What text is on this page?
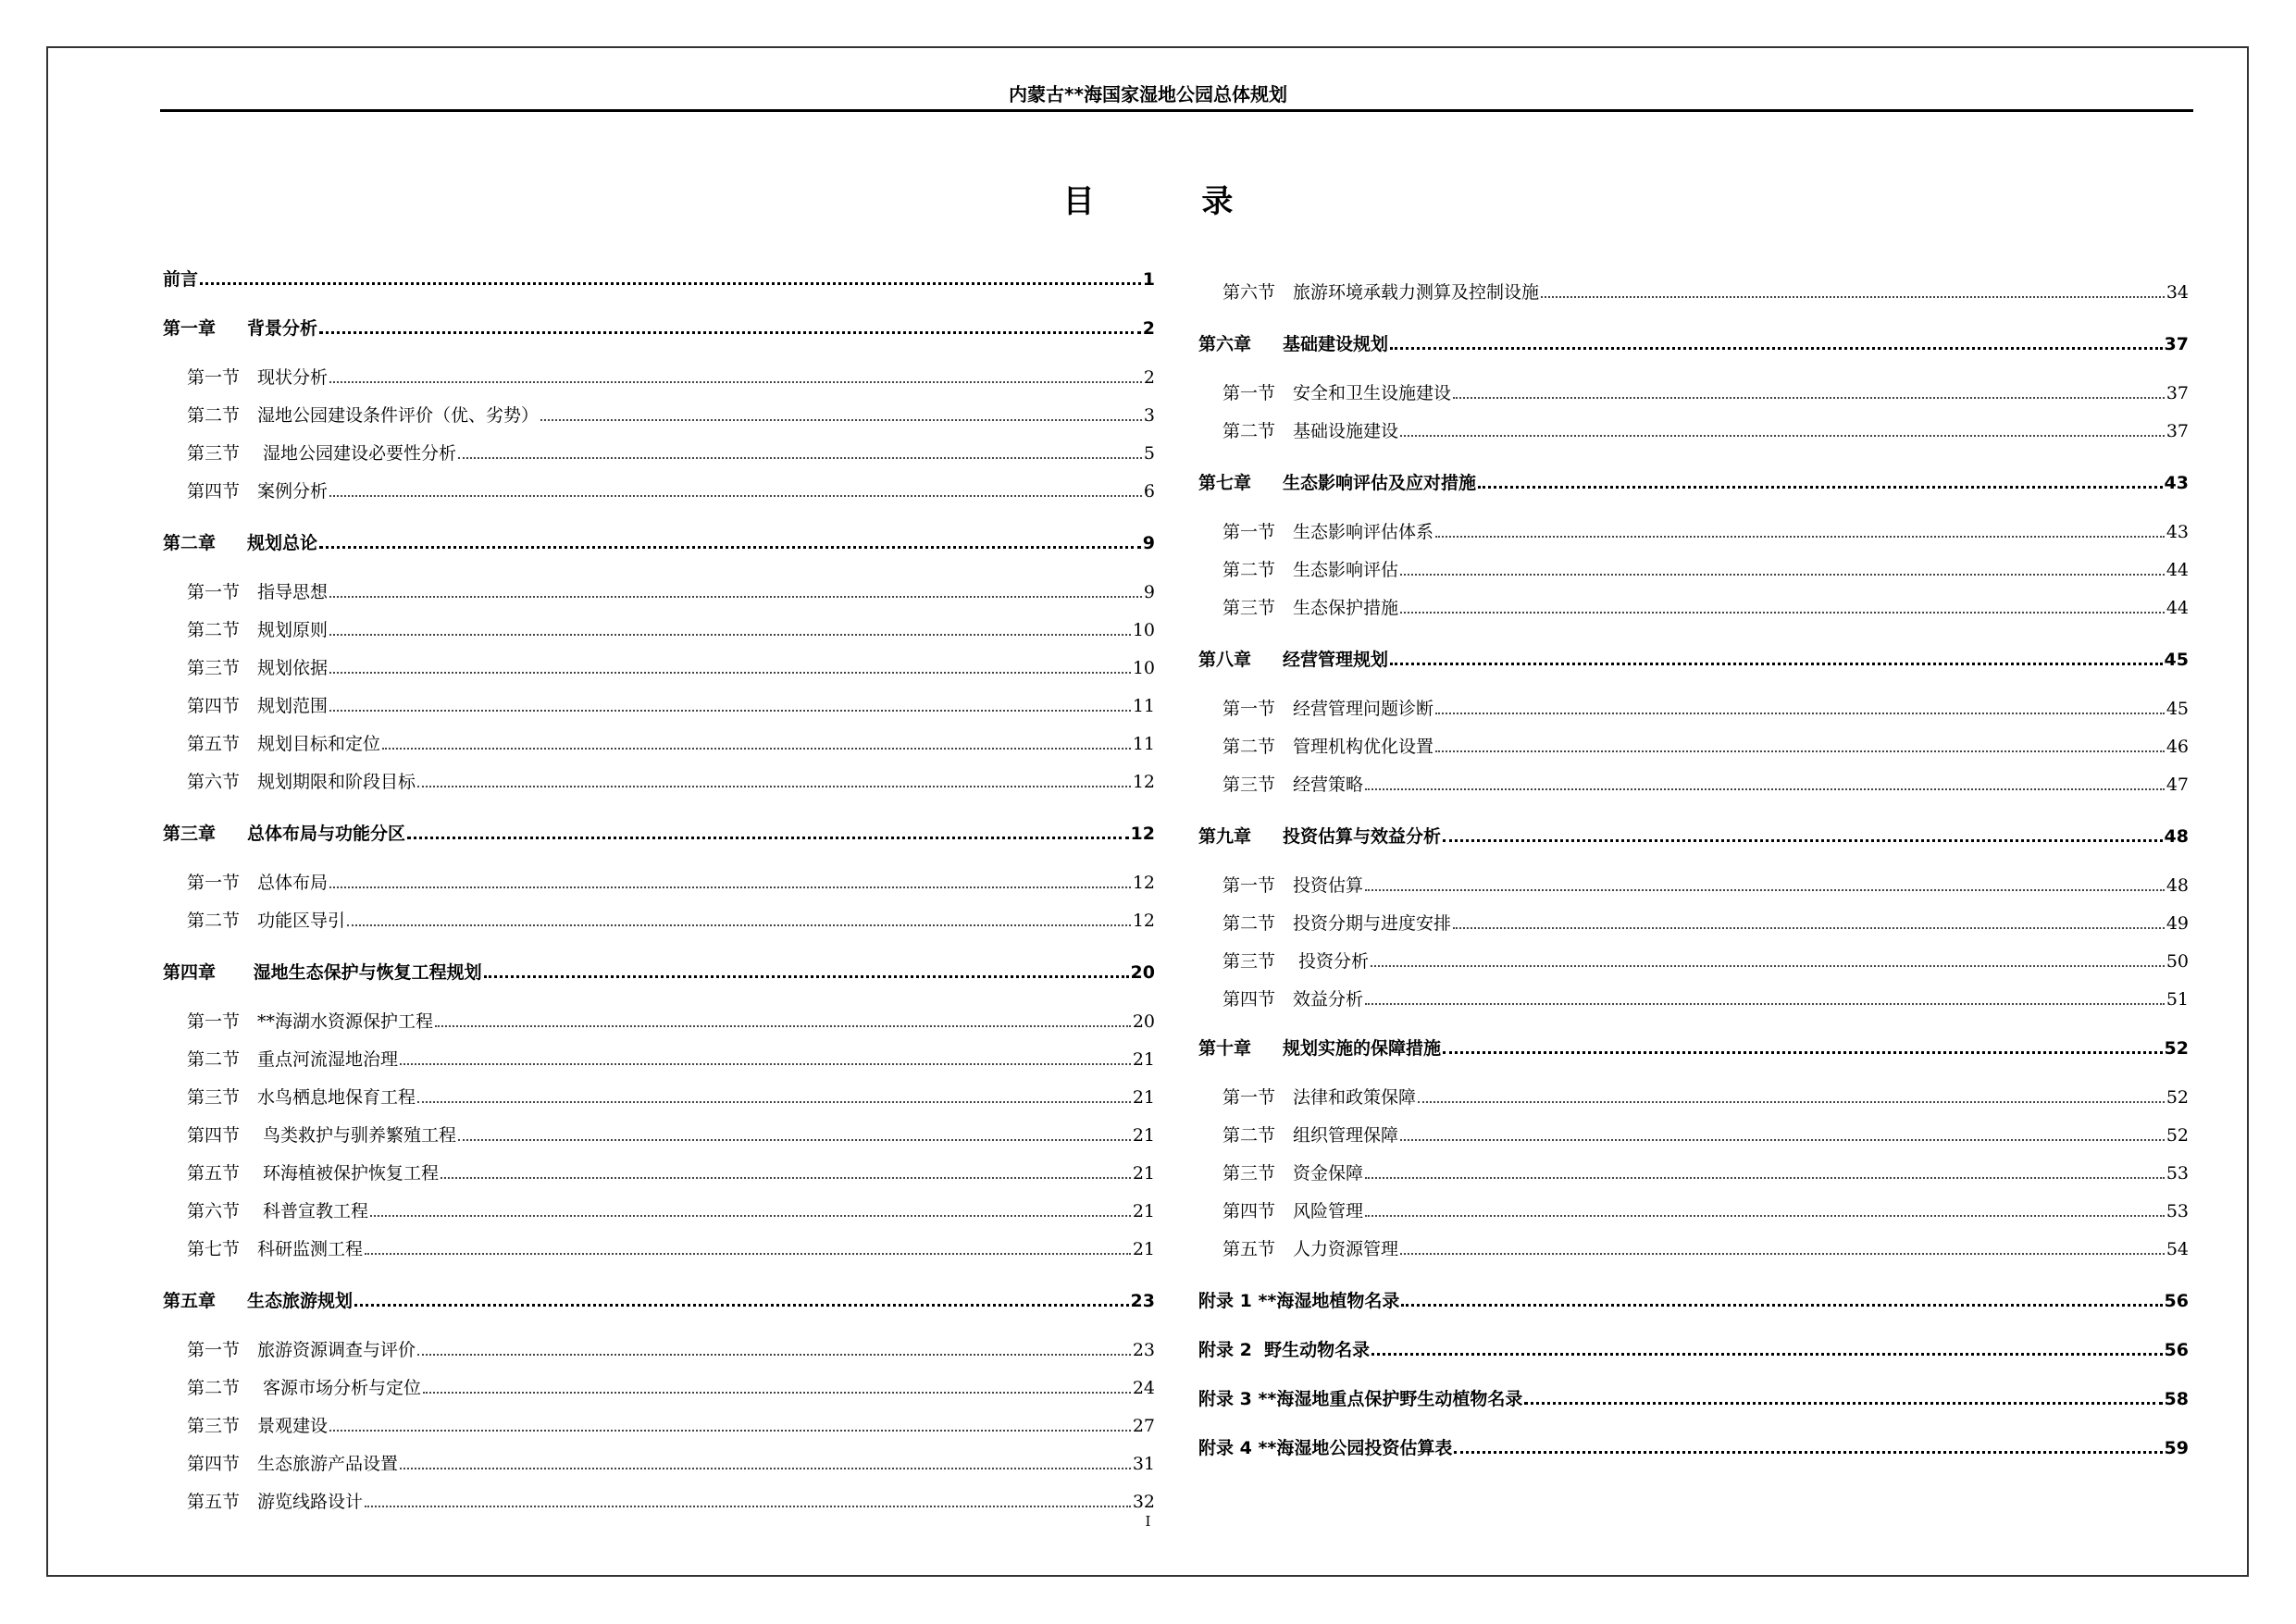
内蒙古**海国家湿地公园总体规划
目 录
前言	1
第一章 背景分析	2
第一节 现状分析	2
第二节 湿地公园建设条件评价（优、劣势）	3
第三节 湿地公园建设必要性分析	5
第四节 案例分析	6
第二章 规划总论	9
第一节 指导思想	9
第二节 规划原则	10
第三节 规划依据	10
第四节 规划范围	11
第五节 规划目标和定位	11
第六节 规划期限和阶段目标	12
第三章 总体布局与功能分区	12
第一节 总体布局	12
第二节 功能区导引	12
第四章 湿地生态保护与恢复工程规划	20
第一节 **海湖水资源保护工程	20
第二节 重点河流湿地治理	21
第三节 水鸟栖息地保育工程	21
第四节 鸟类救护与驯养繁殖工程	21
第五节 环海植被保护恢复工程	21
第六节 科普宣教工程	21
第七节 科研监测工程	21
第五章 生态旅游规划	23
第一节 旅游资源调查与评价	23
第二节 客源市场分析与定位	24
第三节 景观建设	27
第四节 生态旅游产品设置	31
第五节 游览线路设计	32
第六节 旅游环境承载力测算及控制设施	34
第六章 基础建设规划	37
第一节 安全和卫生设施建设	37
第二节 基础设施建设	37
第七章 生态影响评估及应对措施	43
第一节 生态影响评估体系	43
第二节 生态影响评估	44
第三节 生态保护措施	44
第八章 经营管理规划	45
第一节 经营管理问题诊断	45
第二节 管理机构优化设置	46
第三节 经营策略	47
第九章 投资估算与效益分析	48
第一节 投资估算	48
第二节 投资分期与进度安排	49
第三节 投资分析	50
第四节 效益分析	51
第十章 规划实施的保障措施	52
第一节 法律和政策保障	52
第二节 组织管理保障	52
第三节 资金保障	53
第四节 风险管理	53
第五节 人力资源管理	54
附录 1 **海湿地植物名录	56
附录 2  野生动物名录	56
附录 3 **海湿地重点保护野生动植物名录	58
附录 4 **海湿地公园投资估算表	59
I
